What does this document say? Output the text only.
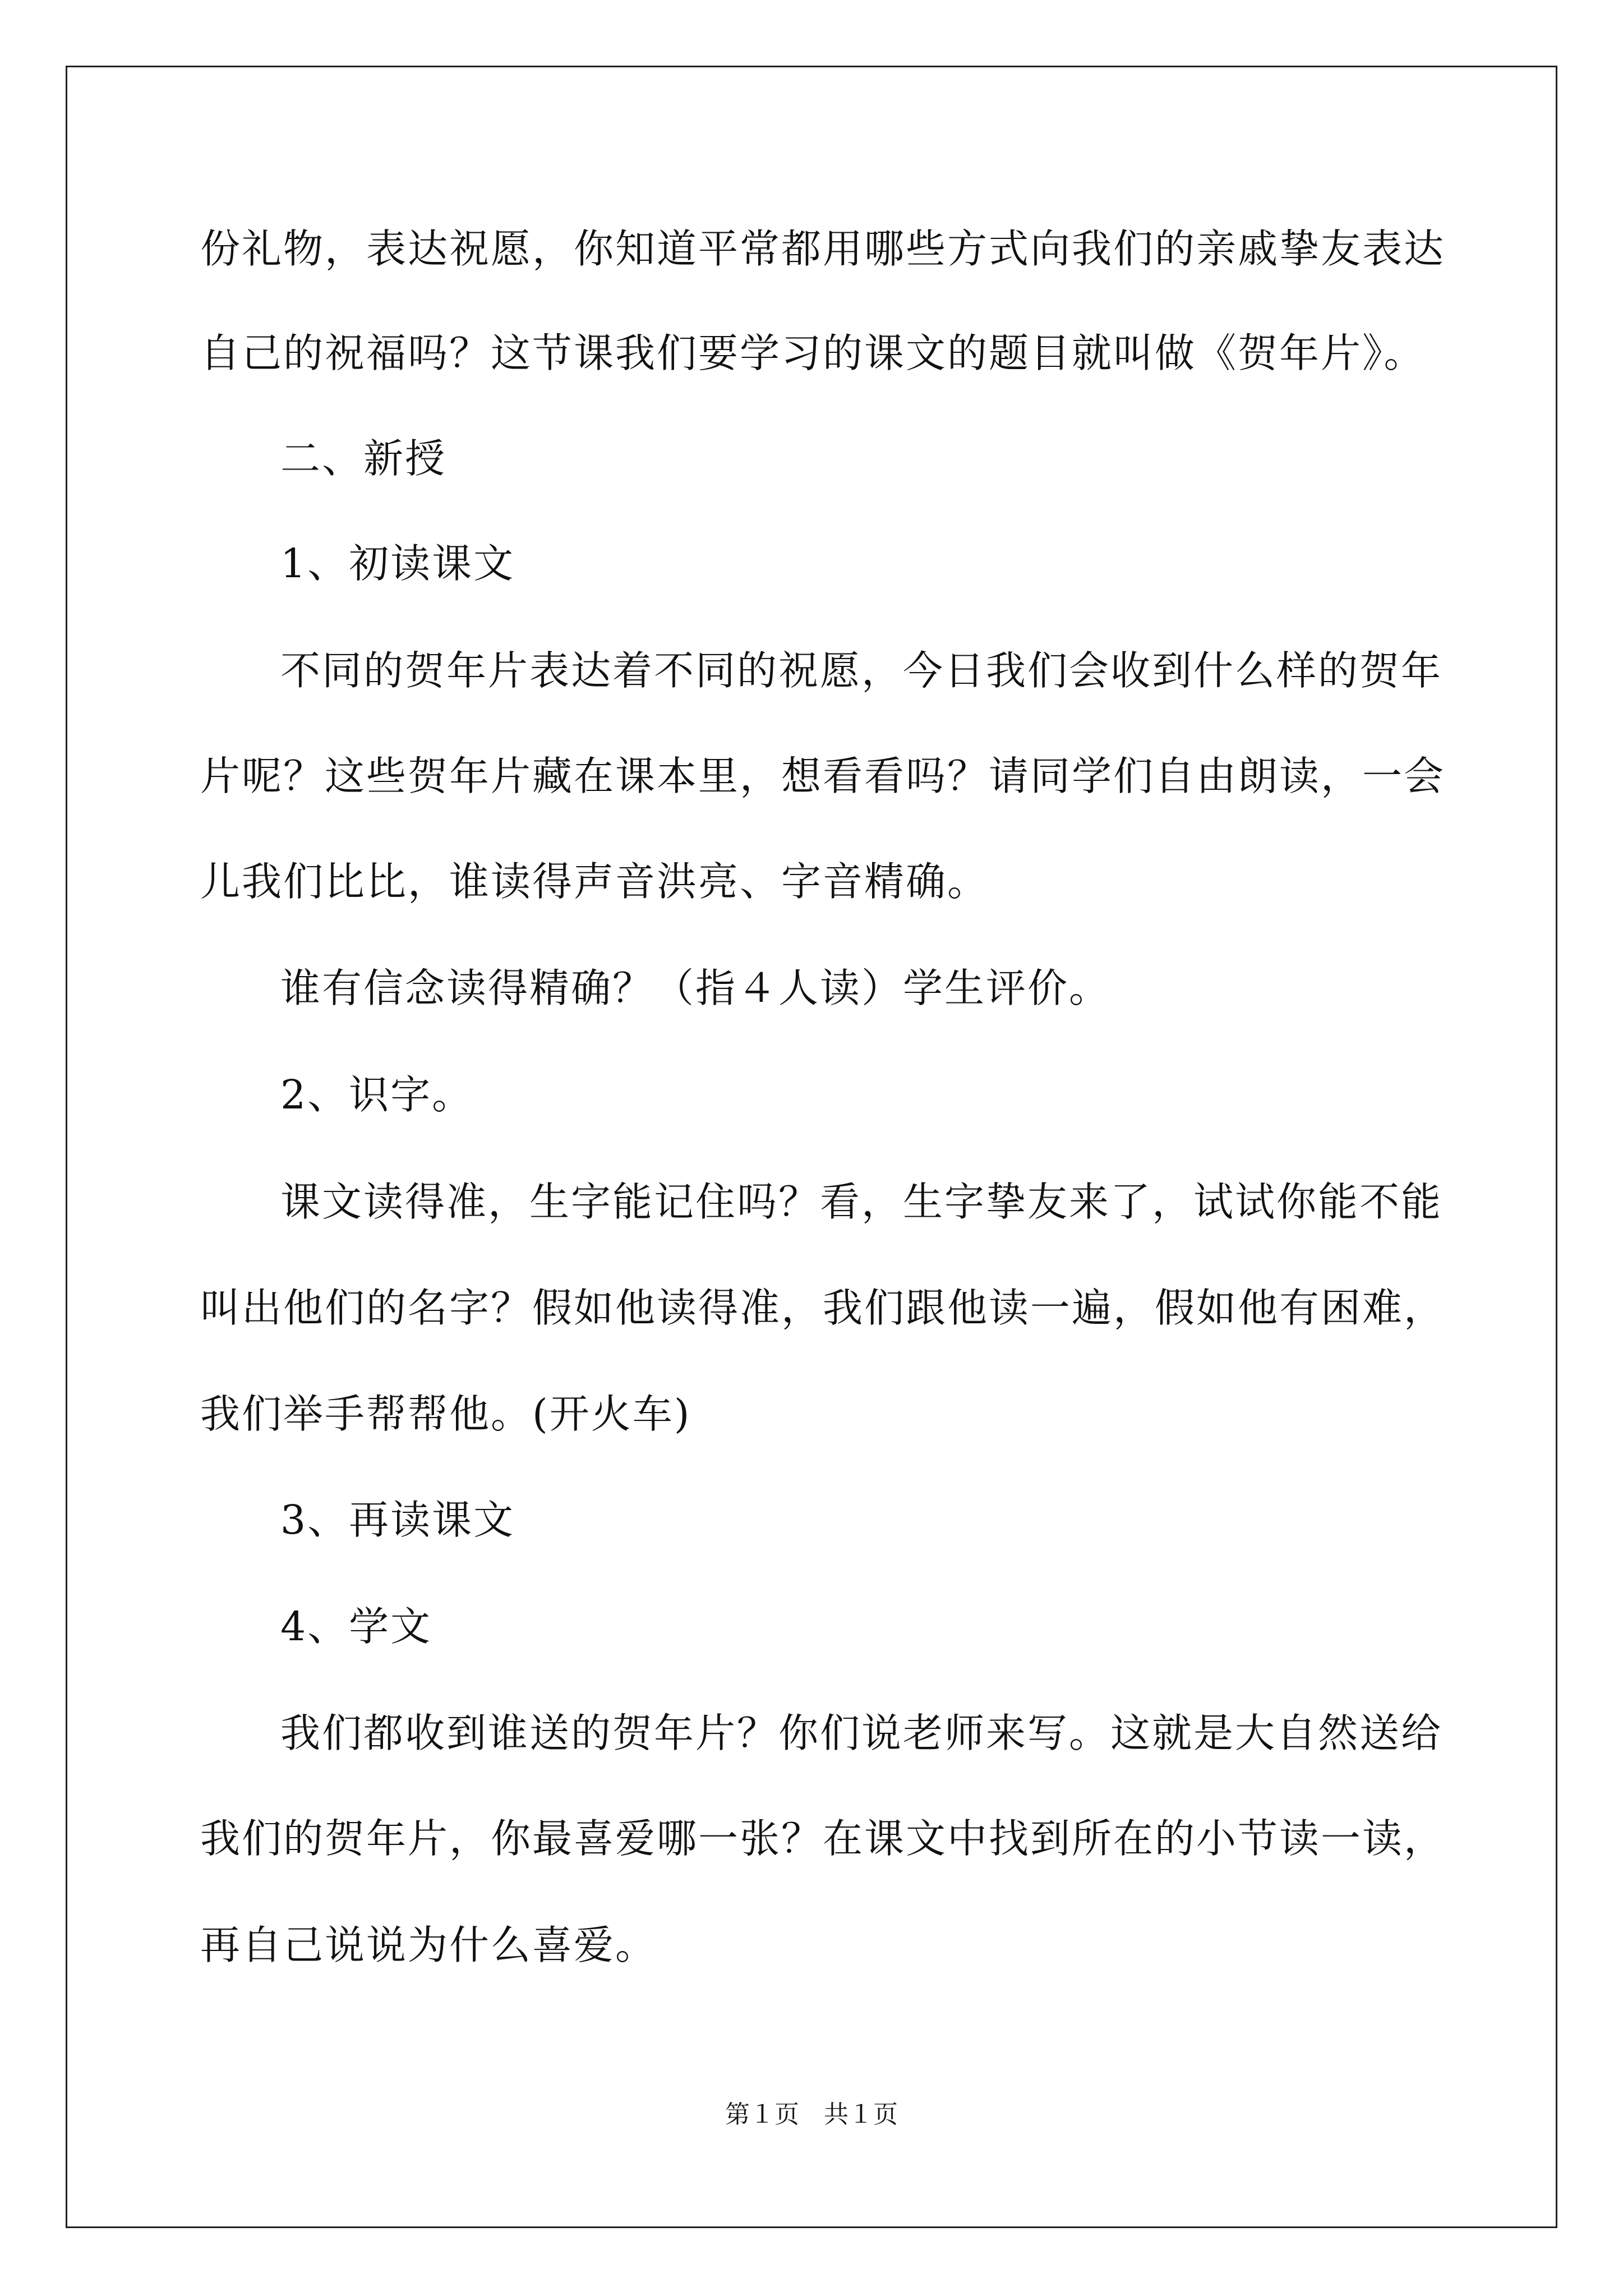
份礼物，表达祝愿，你知道平常都用哪些方式向我们的亲戚挚友表达
自己的祝福吗？这节课我们要学习的课文的题目就叫做《贺年片》。
二、新授
1、初读课文
不同的贺年片表达着不同的祝愿，今日我们会收到什么样的贺年
片呢？这些贺年片藏在课本里，想看看吗？请同学们自由朗读，一会
儿我们比比，谁读得声音洪亮、字音精确。
谁有信念读得精确？（指４人读）学生评价。
2、识字。
课文读得准，生字能记住吗？看，生字挚友来了，试试你能不能
叫出他们的名字？假如他读得准，我们跟他读一遍，假如他有困难，
我们举手帮帮他。(开火车)
3、再读课文
4、学文
我们都收到谁送的贺年片？你们说老师来写。这就是大自然送给
我们的贺年片，你最喜爱哪一张？在课文中找到所在的小节读一读，
再自己说说为什么喜爱。
第１页　共１页
